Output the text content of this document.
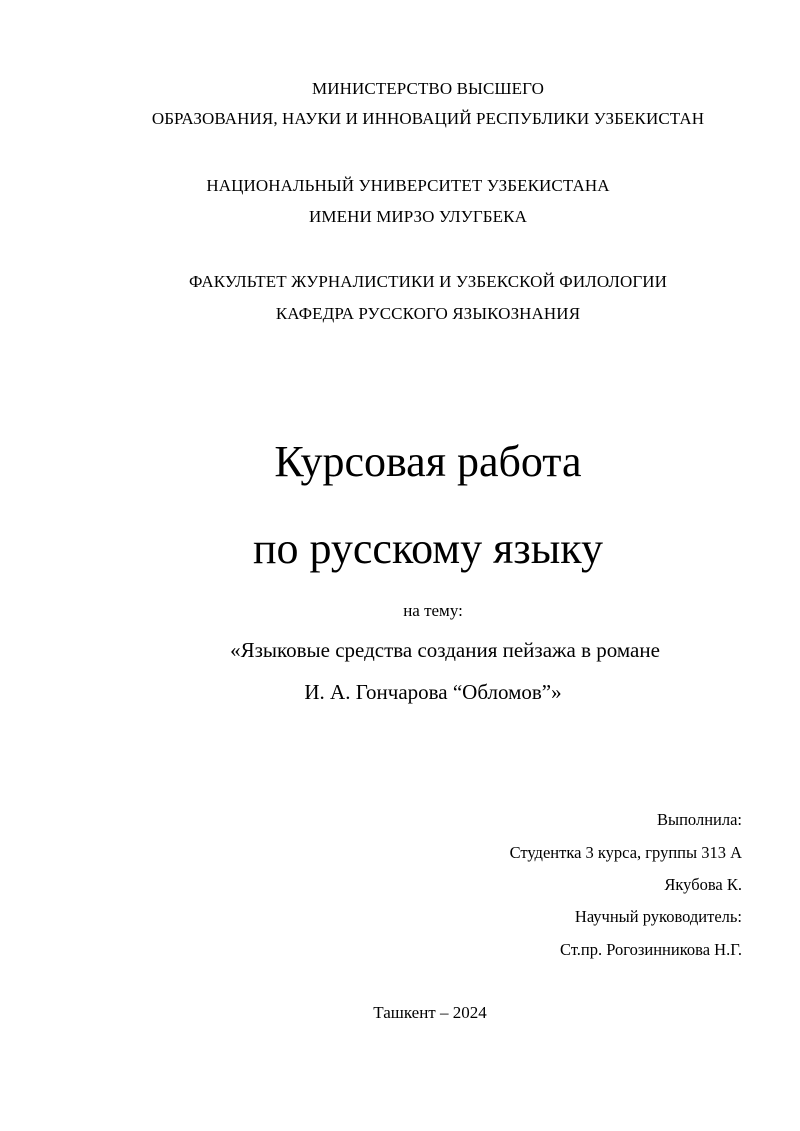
МИНИСТЕРСТВО ВЫСШЕГО
ОБРАЗОВАНИЯ, НАУКИ И ИННОВАЦИЙ РЕСПУБЛИКИ УЗБЕКИСТАН
НАЦИОНАЛЬНЫЙ УНИВЕРСИТЕТ УЗБЕКИСТАНА
ИМЕНИ МИРЗО УЛУГБЕКА
ФАКУЛЬТЕТ ЖУРНАЛИСТИКИ И УЗБЕКСКОЙ ФИЛОЛОГИИ
КАФЕДРА РУССКОГО ЯЗЫКОЗНАНИЯ
Курсовая работа
по русскому языку
на тему:
«Языковые средства создания пейзажа в романе
И. А. Гончарова “Обломов”»
Выполнила:
Студентка 3 курса, группы 313 А
Якубова К.
Научный руководитель:
Ст.пр. Рогозинникова Н.Г.
Ташкент – 2024
